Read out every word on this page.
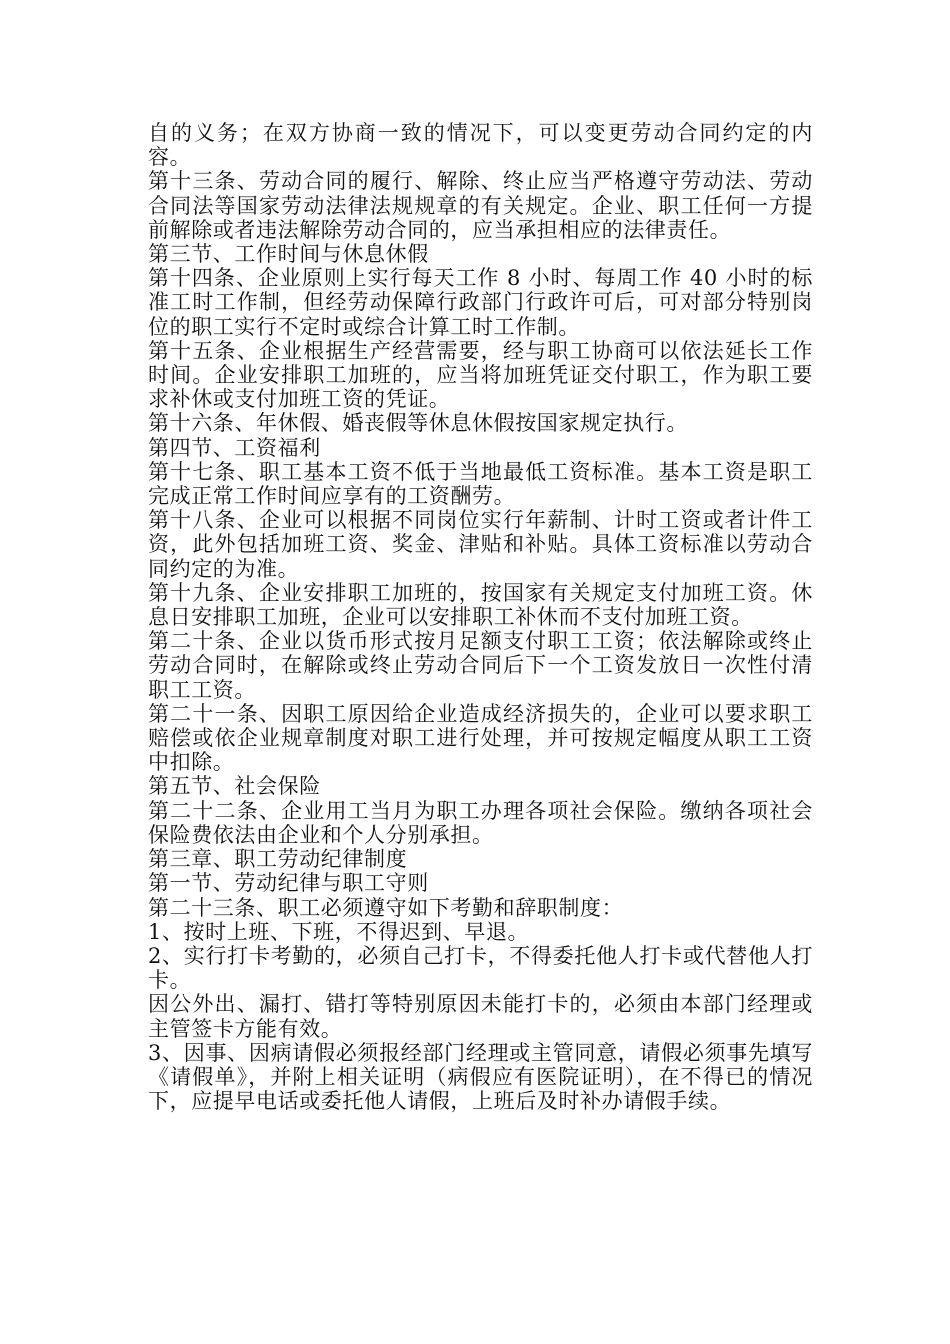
自的义务；在双方协商一致的情况下，可以变更劳动合同约定的内容。

第十三条、劳动合同的履行、解除、终止应当严格遵守劳动法、劳动合同法等国家劳动法律法规规章的有关规定。企业、职工任何一方提前解除或者违法解除劳动合同的，应当承担相应的法律责任。

第三节、工作时间与休息休假

第十四条、企业原则上实行每天工作 8 小时、每周工作 40 小时的标准工时工作制，但经劳动保障行政部门行政许可后，可对部分特别岗位的职工实行不定时或综合计算工时工作制。

第十五条、企业根据生产经营需要，经与职工协商可以依法延长工作时间。企业安排职工加班的，应当将加班凭证交付职工，作为职工要求补休或支付加班工资的凭证。

第十六条、年休假、婚丧假等休息休假按国家规定执行。

第四节、工资福利

第十七条、职工基本工资不低于当地最低工资标准。基本工资是职工完成正常工作时间应享有的工资酬劳。

第十八条、企业可以根据不同岗位实行年薪制、计时工资或者计件工资，此外包括加班工资、奖金、津贴和补贴。具体工资标准以劳动合同约定的为准。

第十九条、企业安排职工加班的，按国家有关规定支付加班工资。休息日安排职工加班，企业可以安排职工补休而不支付加班工资。

第二十条、企业以货币形式按月足额支付职工工资；依法解除或终止劳动合同时，在解除或终止劳动合同后下一个工资发放日一次性付清职工工资。

第二十一条、因职工原因给企业造成经济损失的，企业可以要求职工赔偿或依企业规章制度对职工进行处理，并可按规定幅度从职工工资中扣除。

第五节、社会保险

第二十二条、企业用工当月为职工办理各项社会保险。缴纳各项社会保险费依法由企业和个人分别承担。

第三章、职工劳动纪律制度

第一节、劳动纪律与职工守则

第二十三条、职工必须遵守如下考勤和辞职制度：

1、按时上班、下班，不得迟到、早退。

2、实行打卡考勤的，必须自己打卡，不得委托他人打卡或代替他人打卡。

因公外出、漏打、错打等特别原因未能打卡的，必须由本部门经理或主管签卡方能有效。

3、因事、因病请假必须报经部门经理或主管同意，请假必须事先填写《请假单》，并附上相关证明（病假应有医院证明），在不得已的情况下，应提早电话或委托他人请假，上班后及时补办请假手续。
